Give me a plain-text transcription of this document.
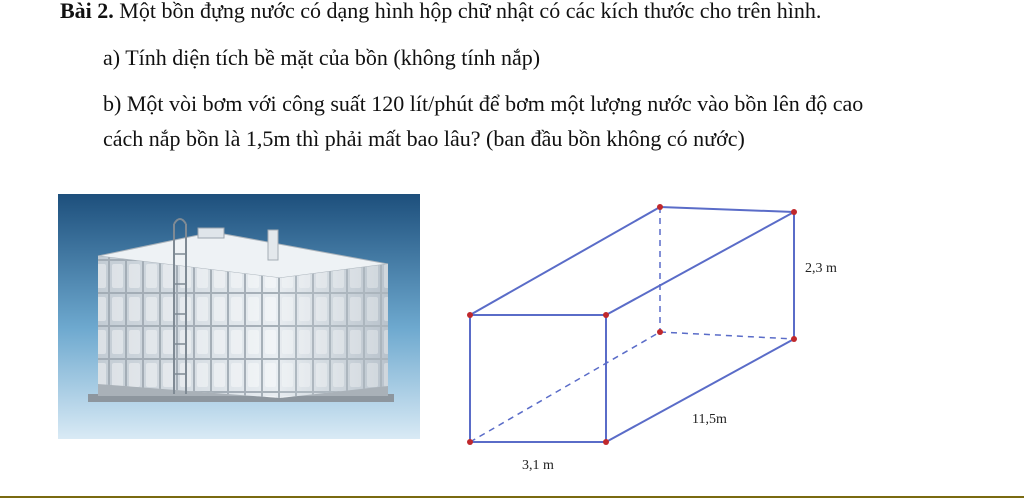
Bài 2. Một bồn đựng nước có dạng hình hộp chữ nhật có các kích thước cho trên hình.
a) Tính diện tích bề mặt của bồn (không tính nắp)
b) Một vòi bơm với công suất 120 lít/phút để bơm một lượng nước vào bồn lên độ cao
cách nắp bồn là 1,5m thì phải mất bao lâu? (ban đầu bồn không có nước)
2,3 m
11,5m
3,1 m
